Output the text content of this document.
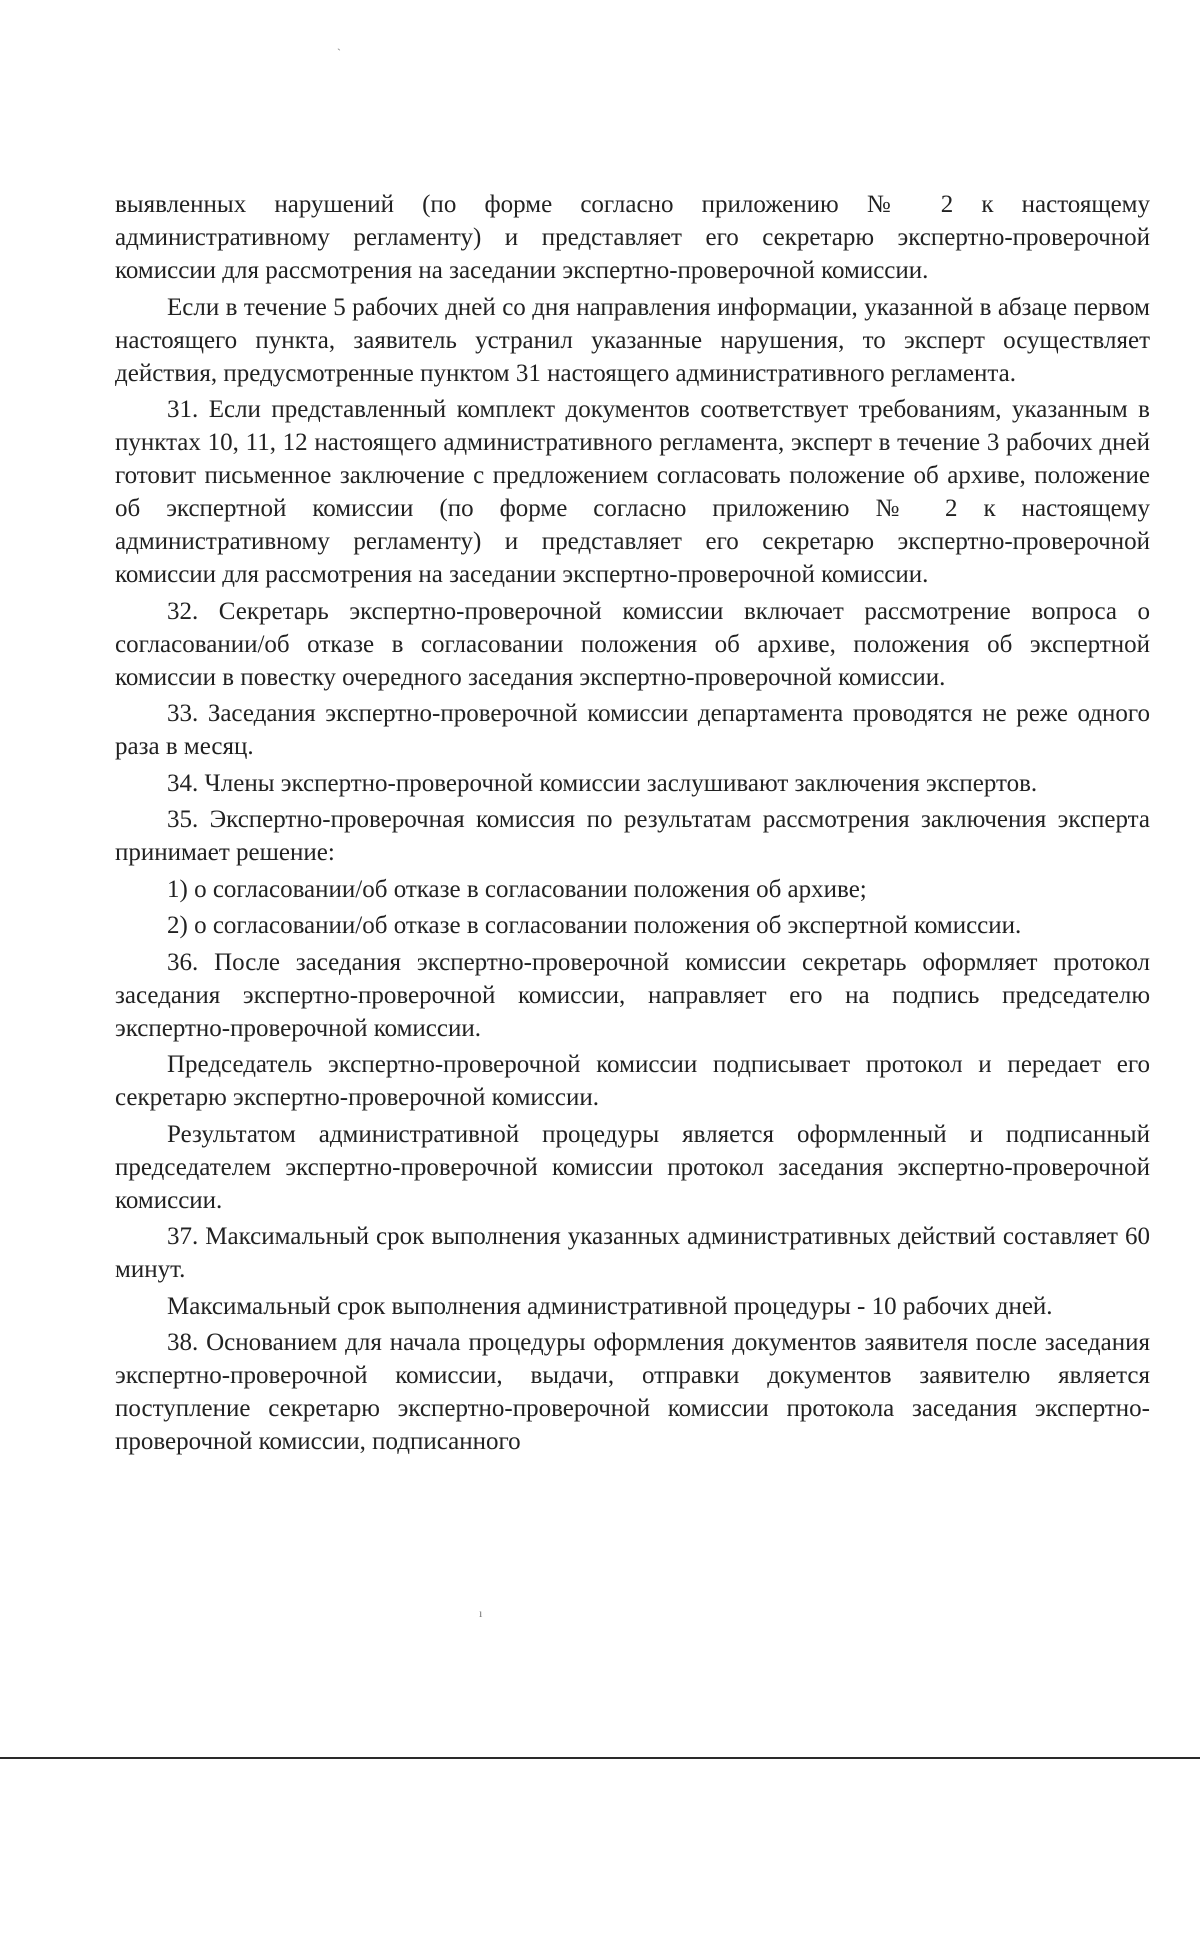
`

выявленных нарушений (по форме согласно приложению № 2 к настоящему административному регламенту) и представляет его секретарю экспертно-проверочной комиссии для рассмотрения на заседании экспертно-проверочной комиссии.

Если в течение 5 рабочих дней со дня направления информации, указанной в абзаце первом настоящего пункта, заявитель устранил указанные нарушения, то эксперт осуществляет действия, предусмотренные пунктом 31 настоящего административного регламента.

31. Если представленный комплект документов соответствует требованиям, указанным в пунктах 10, 11, 12 настоящего административного регламента, эксперт в течение 3 рабочих дней готовит письменное заключение с предложением согласовать положение об архиве, положение об экспертной комиссии (по форме согласно приложению № 2 к настоящему административному регламенту) и представляет его секретарю экспертно-проверочной комиссии для рассмотрения на заседании экспертно-проверочной комиссии.

32. Секретарь экспертно-проверочной комиссии включает рассмотрение вопроса о согласовании/об отказе в согласовании положения об архиве, положения об экспертной комиссии в повестку очередного заседания экспертно-проверочной комиссии.

33. Заседания экспертно-проверочной комиссии департамента проводятся не реже одного раза в месяц.

34. Члены экспертно-проверочной комиссии заслушивают заключения экспертов.

35. Экспертно-проверочная комиссия по результатам рассмотрения заключения эксперта принимает решение:

1) о согласовании/об отказе в согласовании положения об архиве;

2) о согласовании/об отказе в согласовании положения об экспертной комиссии.

36. После заседания экспертно-проверочной комиссии секретарь оформляет протокол заседания экспертно-проверочной комиссии, направляет его на подпись председателю экспертно-проверочной комиссии.

Председатель экспертно-проверочной комиссии подписывает протокол и передает его секретарю экспертно-проверочной комиссии.

Результатом административной процедуры является оформленный и подписанный председателем экспертно-проверочной комиссии протокол заседания экспертно-проверочной комиссии.

37. Максимальный срок выполнения указанных административных действий составляет 60 минут.

Максимальный срок выполнения административной процедуры - 10 рабочих дней.

38. Основанием для начала процедуры оформления документов заявителя после заседания экспертно-проверочной комиссии, выдачи, отправки документов заявителю является поступление секретарю экспертно-проверочной комиссии протокола заседания экспертно-проверочной комиссии, подписанного

ı
